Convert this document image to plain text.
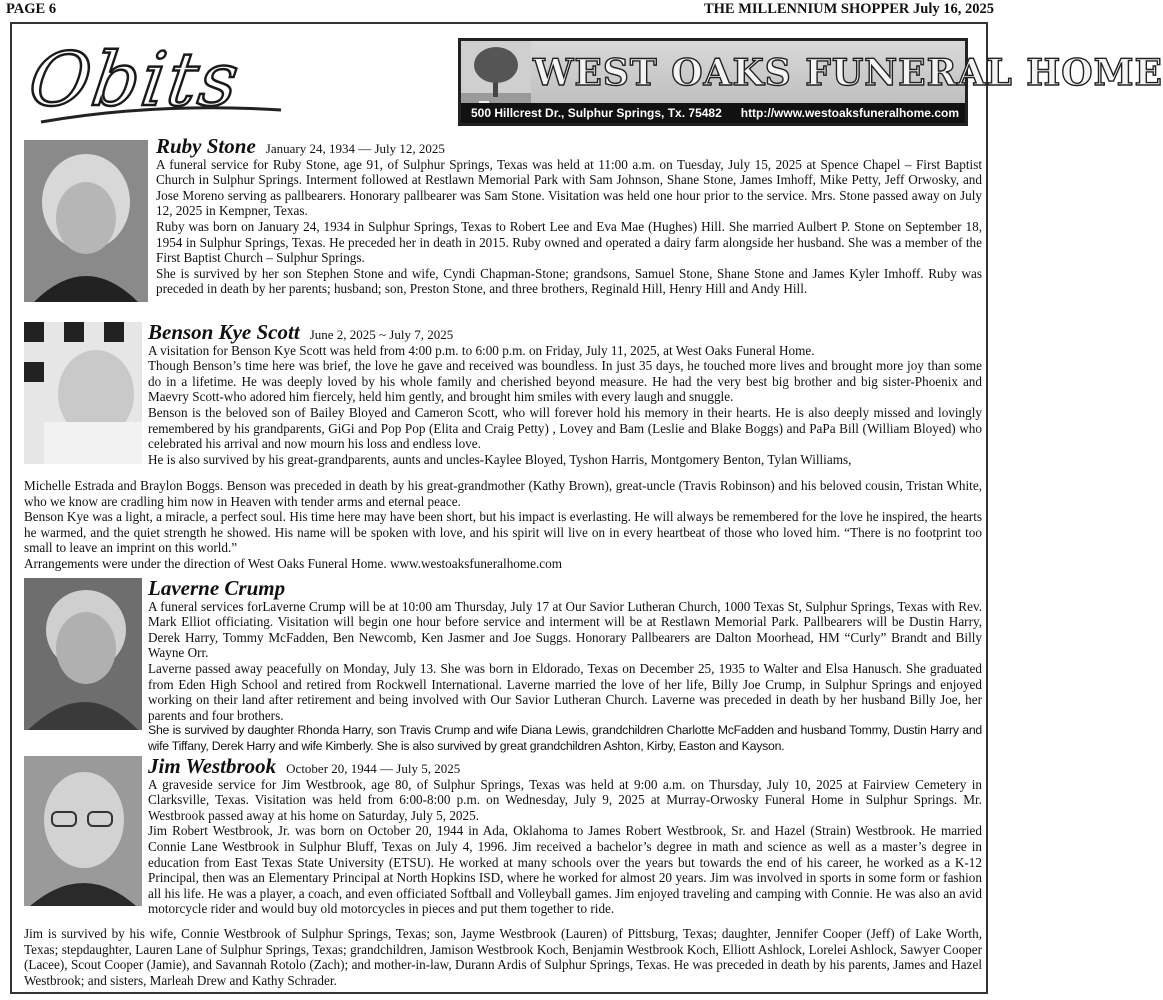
PAGE 6	THE MILLENNIUM SHOPPER July 16, 2025
Obits	WEST OAKS FUNERAL HOME
500 Hillcrest Dr., Sulphur Springs, Tx. 75482 http://www.westoaksfuneralhome.com
Ruby Stone January 24, 1934 — July 12, 2025

A funeral service for Ruby Stone, age 91, of Sulphur Springs, Texas was held at 11:00 a.m. on Tuesday, July 15, 2025 at Spence Chapel – First Baptist Church in Sulphur Springs. Interment followed at Restlawn Memorial Park with Sam Johnson, Shane Stone, James Imhoff, Mike Petty, Jeff Orwosky, and Jose Moreno serving as pallbearers. Honorary pallbearer was Sam Stone. Visitation was held one hour prior to the service. Mrs. Stone passed away on July 12, 2025 in Kempner, Texas.

Ruby was born on January 24, 1934 in Sulphur Springs, Texas to Robert Lee and Eva Mae (Hughes) Hill. She married Aulbert P. Stone on September 18, 1954 in Sulphur Springs, Texas. He preceded her in death in 2015. Ruby owned and operated a dairy farm alongside her husband. She was a member of the First Baptist Church – Sulphur Springs.

She is survived by her son Stephen Stone and wife, Cyndi Chapman-Stone; grandsons, Samuel Stone, Shane Stone and James Kyler Imhoff. Ruby was preceded in death by her parents; husband; son, Preston Stone, and three brothers, Reginald Hill, Henry Hill and Andy Hill.

Benson Kye Scott June 2, 2025 ~ July 7, 2025

A visitation for Benson Kye Scott was held from 4:00 p.m. to 6:00 p.m. on Friday, July 11, 2025, at West Oaks Funeral Home.

Though Benson’s time here was brief, the love he gave and received was boundless. In just 35 days, he touched more lives and brought more joy than some do in a lifetime. He was deeply loved by his whole family and cherished beyond measure. He had the very best big brother and big sister-Phoenix and Maevry Scott-who adored him fiercely, held him gently, and brought him smiles with every laugh and snuggle.

Benson is the beloved son of Bailey Bloyed and Cameron Scott, who will forever hold his memory in their hearts. He is also deeply missed and lovingly remembered by his grandparents, GiGi and Pop Pop (Elita and Craig Petty) , Lovey and Bam (Leslie and Blake Boggs) and PaPa Bill (William Bloyed) who celebrated his arrival and now mourn his loss and endless love.

He is also survived by his great-grandparents, aunts and uncles-Kaylee Bloyed, Tyshon Harris, Montgomery Benton, Tylan Williams,

Michelle Estrada and Braylon Boggs. Benson was preceded in death by his great-grandmother (Kathy Brown), great-uncle (Travis Robinson) and his beloved cousin, Tristan White, who we know are cradling him now in Heaven with tender arms and eternal peace.

Benson Kye was a light, a miracle, a perfect soul. His time here may have been short, but his impact is everlasting. He will always be remembered for the love he inspired, the hearts he warmed, and the quiet strength he showed. His name will be spoken with love, and his spirit will live on in every heartbeat of those who loved him. “There is no footprint too small to leave an imprint on this world.”

Arrangements were under the direction of West Oaks Funeral Home. www.westoaksfuneralhome.com

Laverne Crump

A funeral services forLaverne Crump will be at 10:00 am Thursday, July 17 at Our Savior Lutheran Church, 1000 Texas St, Sulphur Springs, Texas with Rev. Mark Elliot officiating. Visitation will begin one hour before service and interment will be at Restlawn Memorial Park. Pallbearers will be Dustin Harry, Derek Harry, Tommy McFadden, Ben Newcomb, Ken Jasmer and Joe Suggs. Honorary Pallbearers are Dalton Moorhead, HM “Curly” Brandt and Billy Wayne Orr.

Laverne passed away peacefully on Monday, July 13. She was born in Eldorado, Texas on December 25, 1935 to Walter and Elsa Hanusch. She graduated from Eden High School and retired from Rockwell International. Laverne married the love of her life, Billy Joe Crump, in Sulphur Springs and enjoyed working on their land after retirement and being involved with Our Savior Lutheran Church. Laverne was preceded in death by her husband Billy Joe, her parents and four brothers.

She is survived by daughter Rhonda Harry, son Travis Crump and wife Diana Lewis, grandchildren Charlotte McFadden and husband Tommy, Dustin Harry and wife Tiffany, Derek Harry and wife Kimberly. She is also survived by great grandchildren Ashton, Kirby, Easton and Kayson.

Jim Westbrook October 20, 1944 — July 5, 2025

A graveside service for Jim Westbrook, age 80, of Sulphur Springs, Texas was held at 9:00 a.m. on Thursday, July 10, 2025 at Fairview Cemetery in Clarksville, Texas. Visitation was held from 6:00-8:00 p.m. on Wednesday, July 9, 2025 at Murray-Orwosky Funeral Home in Sulphur Springs. Mr. Westbrook passed away at his home on Saturday, July 5, 2025.

Jim Robert Westbrook, Jr. was born on October 20, 1944 in Ada, Oklahoma to James Robert Westbrook, Sr. and Hazel (Strain) Westbrook. He married Connie Lane Westbrook in Sulphur Bluff, Texas on July 4, 1996. Jim received a bachelor’s degree in math and science as well as a master’s degree in education from East Texas State University (ETSU). He worked at many schools over the years but towards the end of his career, he worked as a K-12 Principal, then was an Elementary Principal at North Hopkins ISD, where he worked for almost 20 years. Jim was involved in sports in some form or fashion all his life. He was a player, a coach, and even officiated Softball and Volleyball games. Jim enjoyed traveling and camping with Connie. He was also an avid motorcycle rider and would buy old motorcycles in pieces and put them together to ride.

Jim is survived by his wife, Connie Westbrook of Sulphur Springs, Texas; son, Jayme Westbrook (Lauren) of Pittsburg, Texas; daughter, Jennifer Cooper (Jeff) of Lake Worth, Texas; stepdaughter, Lauren Lane of Sulphur Springs, Texas; grandchildren, Jamison Westbrook Koch, Benjamin Westbrook Koch, Elliott Ashlock, Lorelei Ashlock, Sawyer Cooper (Lacee), Scout Cooper (Jamie), and Savannah Rotolo (Zach); and mother-in-law, Durann Ardis of Sulphur Springs, Texas. He was preceded in death by his parents, James and Hazel Westbrook; and sisters, Marleah Drew and Kathy Schrader.
